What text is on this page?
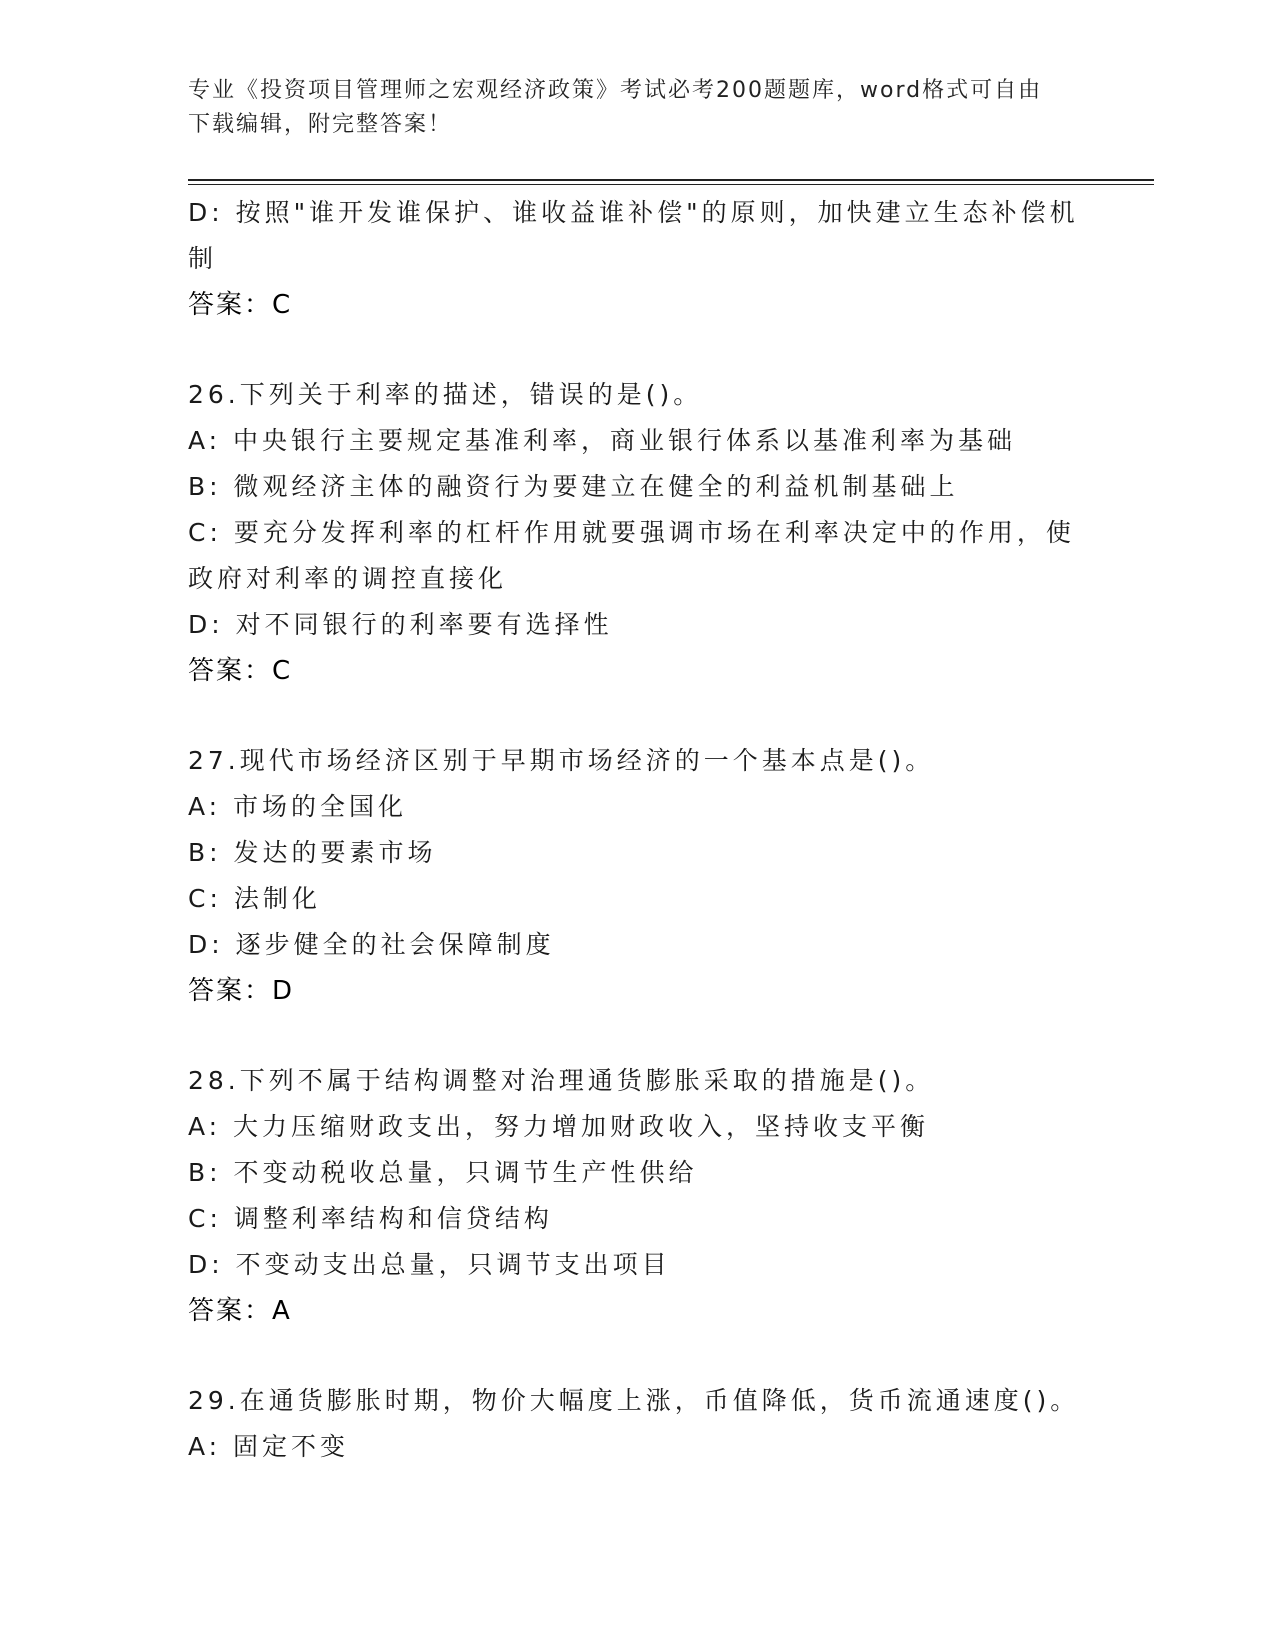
专业《投资项目管理师之宏观经济政策》考试必考200题题库，word格式可自由
下载编辑，附完整答案！
D: 按照"谁开发谁保护、谁收益谁补偿"的原则，加快建立生态补偿机
制
答案：C
26.下列关于利率的描述，错误的是()。
A: 中央银行主要规定基准利率，商业银行体系以基准利率为基础
B: 微观经济主体的融资行为要建立在健全的利益机制基础上
C: 要充分发挥利率的杠杆作用就要强调市场在利率决定中的作用，使
政府对利率的调控直接化
D: 对不同银行的利率要有选择性
答案：C
27.现代市场经济区别于早期市场经济的一个基本点是()。
A: 市场的全国化
B: 发达的要素市场
C: 法制化
D: 逐步健全的社会保障制度
答案：D
28.下列不属于结构调整对治理通货膨胀采取的措施是()。
A: 大力压缩财政支出，努力增加财政收入，坚持收支平衡
B: 不变动税收总量，只调节生产性供给
C: 调整利率结构和信贷结构
D: 不变动支出总量，只调节支出项目
答案：A
29.在通货膨胀时期，物价大幅度上涨，币值降低，货币流通速度()。
A: 固定不变
